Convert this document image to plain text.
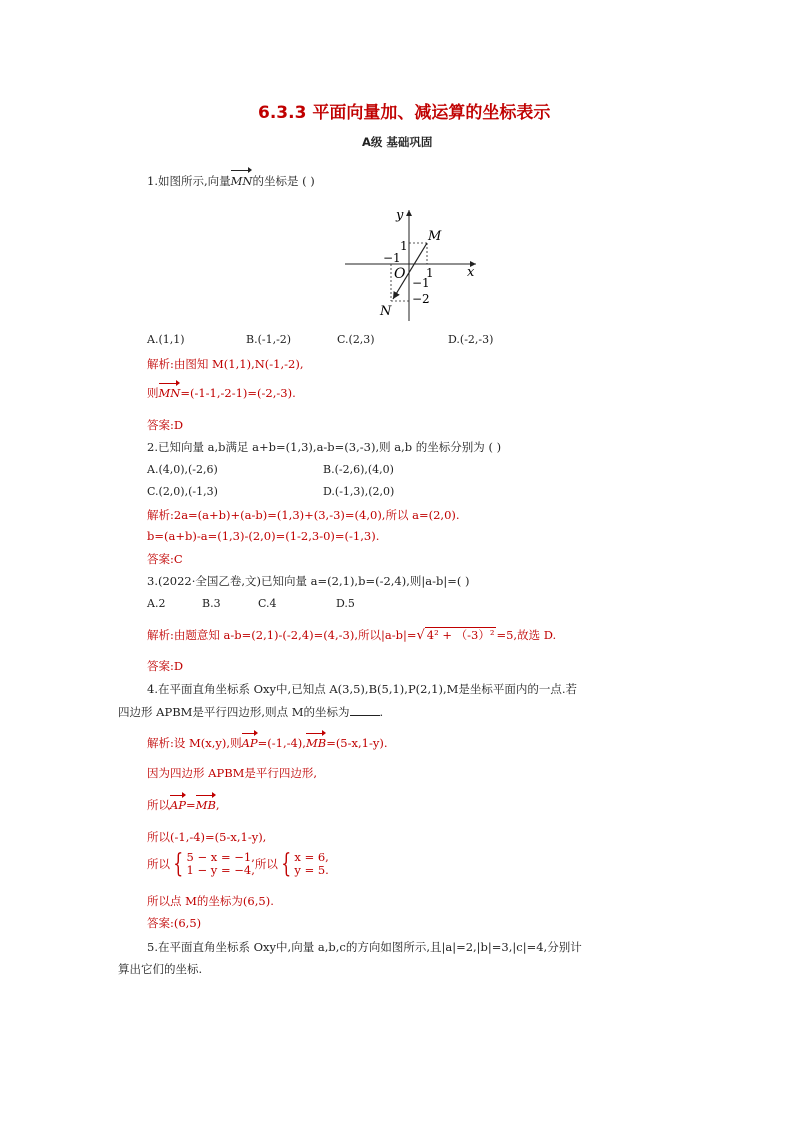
6.3.3 平面向量加、减运算的坐标表示
A级 基础巩固
1.如图所示,向量MN的坐标是 ( )
y
x
O
M
N
1
−1
1
−1
−2
A.(1,1)	B.(-1,-2)	C.(2,3)	D.(-2,-3)
解析:由图知 M(1,1),N(-1,-2),
则MN=(-1-1,-2-1)=(-2,-3).
答案:D
2.已知向量 a,b满足 a+b=(1,3),a-b=(3,-3),则 a,b 的坐标分别为 ( )
A.(4,0),(-2,6)	B.(-2,6),(4,0)
C.(2,0),(-1,3)	D.(-1,3),(2,0)
解析:2a=(a+b)+(a-b)=(1,3)+(3,-3)=(4,0),所以 a=(2,0).
b=(a+b)-a=(1,3)-(2,0)=(1-2,3-0)=(-1,3).
答案:C
3.(2022·全国乙卷,文)已知向量 a=(2,1),b=(-2,4),则|a-b|=( )
A.2	B.3	C.4	D.5
解析:由题意知 a-b=(2,1)-(-2,4)=(4,-3),所以|a-b|=√ 4² + （-3）² =5,故选 D.
答案:D
4.在平面直角坐标系 Oxy中,已知点 A(3,5),B(5,1),P(2,1),M是坐标平面内的一点.若
四边形 APBM是平行四边形,则点 M的坐标为	.
解析:设 M(x,y),则AP=(-1,-4),MB=(5-x,1-y).
因为四边形 APBM是平行四边形,
所以AP=MB,
所以(-1,-4)=(5-x,1-y),
所以 { 5 − x = −1,
1 − y = −4,所以 { x = 6,
y = 5.
所以点 M的坐标为(6,5).
答案:(6,5)
5.在平面直角坐标系 Oxy中,向量 a,b,c的方向如图所示,且|a|=2,|b|=3,|c|=4,分别计
算出它们的坐标.
